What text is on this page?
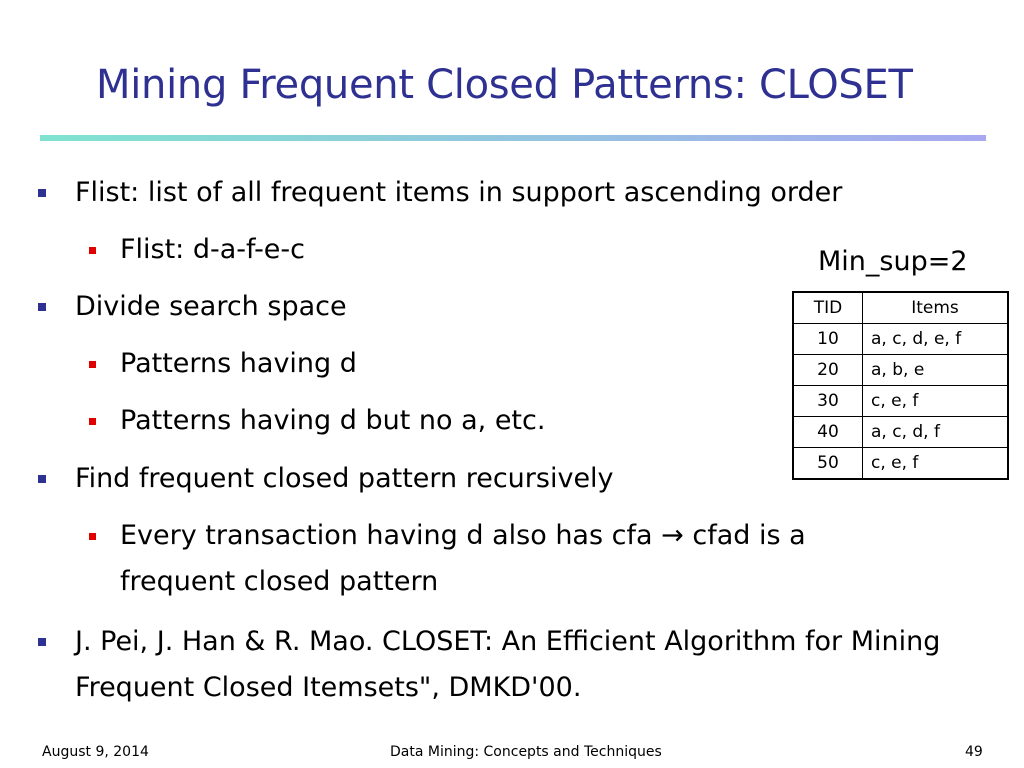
Mining Frequent Closed Patterns: CLOSET
Flist: list of all frequent items in support ascending order
Flist: d-a-f-e-c
Divide search space
Patterns having d
Patterns having d but no a, etc.
Find frequent closed pattern recursively
Every transaction having d also has cfa → cfad is a frequent closed pattern
J. Pei, J. Han & R. Mao. CLOSET: An Efficient Algorithm for Mining Frequent Closed Itemsets", DMKD'00.
Min_sup=2
TID	Items
10	a, c, d, e, f
20	a, b, e
30	c, e, f
40	a, c, d, f
50	c, e, f
August 9, 2014	Data Mining: Concepts and Techniques	49
